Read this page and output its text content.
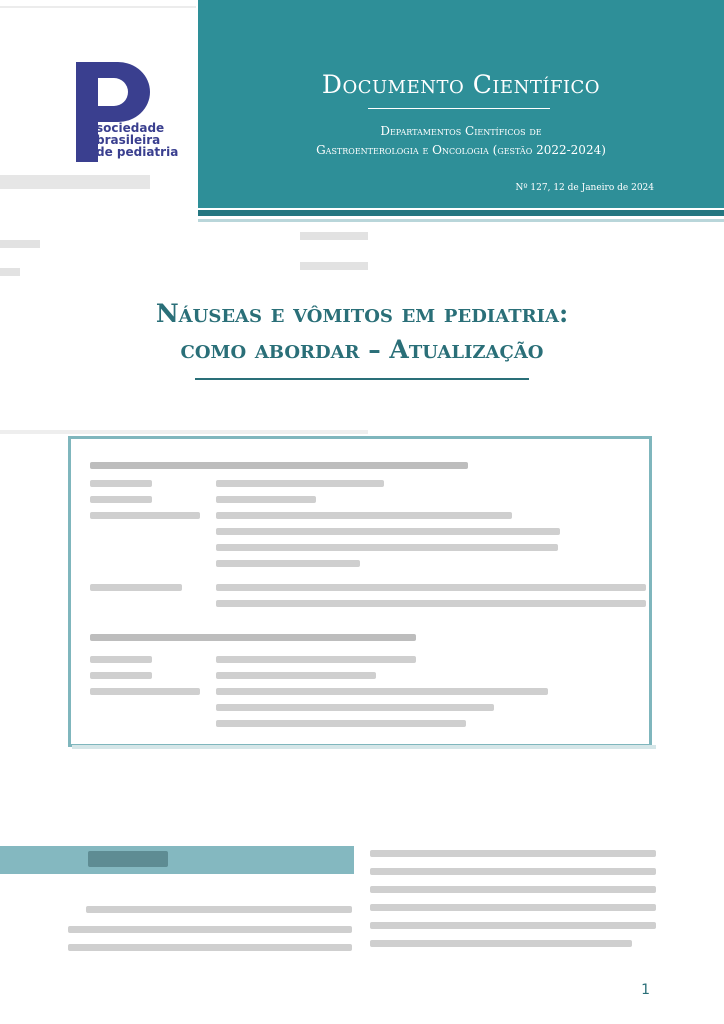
Documento Científico
Departamentos Científicos de
Gastroenterologia e Oncologia (gestão 2022-2024)
Nº 127, 12 de Janeiro de 2024
sociedade
brasileira
de pediatria
Náuseas e vômitos em pediatria:
como abordar – Atualização
1
